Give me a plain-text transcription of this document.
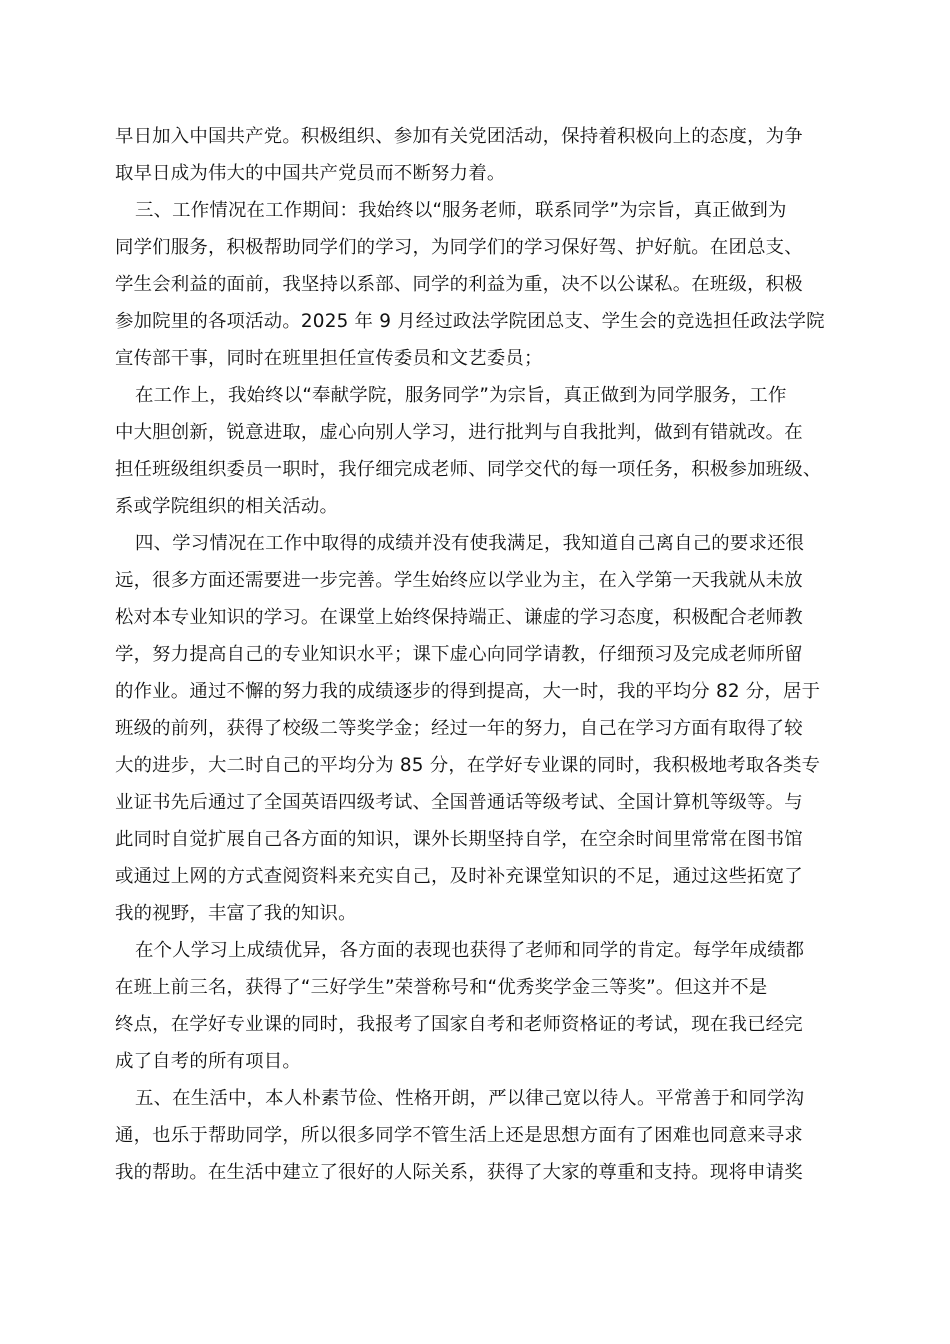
早日加入中国共产党。积极组织、参加有关党团活动，保持着积极向上的态度，为争
取早日成为伟大的中国共产党员而不断努力着。
三、工作情况在工作期间：我始终以“服务老师，联系同学”为宗旨，真正做到为
同学们服务，积极帮助同学们的学习，为同学们的学习保好驾、护好航。在团总支、
学生会利益的面前，我坚持以系部、同学的利益为重，决不以公谋私。在班级，积极
参加院里的各项活动。2025 年 9 月经过政法学院团总支、学生会的竞选担任政法学院
宣传部干事，同时在班里担任宣传委员和文艺委员；
在工作上，我始终以“奉献学院，服务同学”为宗旨，真正做到为同学服务，工作
中大胆创新，锐意进取，虚心向别人学习，进行批判与自我批判，做到有错就改。在
担任班级组织委员一职时，我仔细完成老师、同学交代的每一项任务，积极参加班级、
系或学院组织的相关活动。
四、学习情况在工作中取得的成绩并没有使我满足，我知道自己离自己的要求还很
远，很多方面还需要进一步完善。学生始终应以学业为主，在入学第一天我就从未放
松对本专业知识的学习。在课堂上始终保持端正、谦虚的学习态度，积极配合老师教
学，努力提高自己的专业知识水平；课下虚心向同学请教，仔细预习及完成老师所留
的作业。通过不懈的努力我的成绩逐步的得到提高，大一时，我的平均分 82 分，居于
班级的前列，获得了校级二等奖学金；经过一年的努力，自己在学习方面有取得了较
大的进步，大二时自己的平均分为 85 分，在学好专业课的同时，我积极地考取各类专
业证书先后通过了全国英语四级考试、全国普通话等级考试、全国计算机等级等。与
此同时自觉扩展自己各方面的知识，课外长期坚持自学，在空余时间里常常在图书馆
或通过上网的方式查阅资料来充实自己，及时补充课堂知识的不足，通过这些拓宽了
我的视野，丰富了我的知识。
在个人学习上成绩优异，各方面的表现也获得了老师和同学的肯定。每学年成绩都
在班上前三名，获得了“三好学生”荣誉称号和“优秀奖学金三等奖”。但这并不是
终点，在学好专业课的同时，我报考了国家自考和老师资格证的考试，现在我已经完
成了自考的所有项目。
五、在生活中，本人朴素节俭、性格开朗，严以律己宽以待人。平常善于和同学沟
通，也乐于帮助同学，所以很多同学不管生活上还是思想方面有了困难也同意来寻求
我的帮助。在生活中建立了很好的人际关系，获得了大家的尊重和支持。现将申请奖
